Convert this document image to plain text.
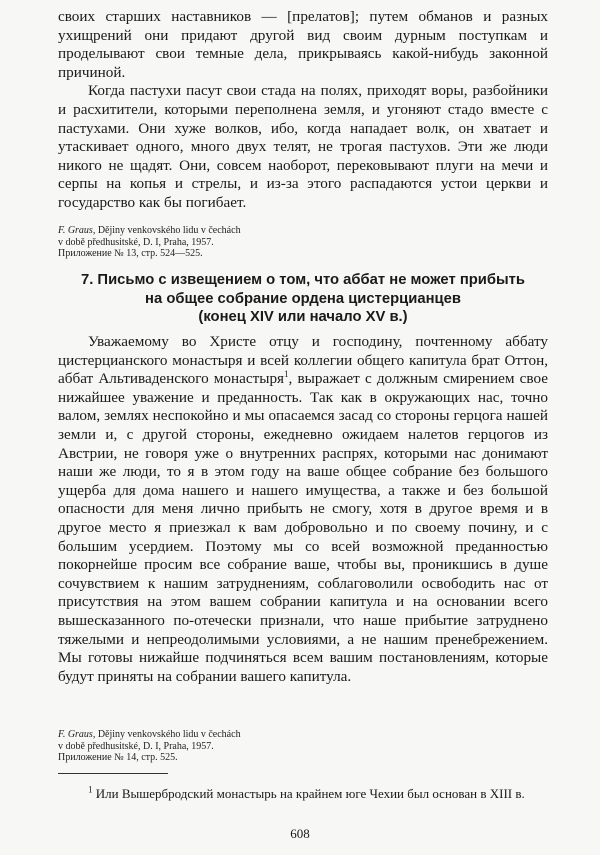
своих старших наставников — [прелатов]; путем обманов и разных ухищрений они придают другой вид своим дурным поступкам и проделывают свои темные дела, прикрываясь какой-нибудь законной причиной.

Когда пастухи пасут свои стада на полях, приходят воры, разбойники и расхитители, которыми переполнена земля, и угоняют стадо вместе с пастухами. Они хуже волков, ибо, когда нападает волк, он хватает и утаскивает одного, много двух телят, не трогая пастухов. Эти же люди никого не щадят. Они, совсем наоборот, перековывают плуги на мечи и серпы на копья и стрелы, и из-за этого распадаются устои церкви и государство как бы погибает.

F. Graus, Dějiny venkovského lidu v čechách
v době předhusitské, D. I, Praha, 1957.
Приложение № 13, стр. 524—525.
7. Письмо с извещением о том, что аббат не может прибыть
на общее собрание ордена цистерцианцев
(конец XIV или начало XV в.)

Уважаемому во Христе отцу и господину, почтенному аббату цистерцианского монастыря и всей коллегии общего капитула брат Оттон, аббат Альтиваденского монастыря$^1$, выражает с должным смирением свое нижайшее уважение и преданность. Так как в окружающих нас, точно валом, землях неспокойно и мы опасаемся засад со стороны герцога нашей земли и, с другой стороны, ежедневно ожидаем налетов герцогов из Австрии, не говоря уже о внутренних распрях, которыми нас донимают наши же люди, то я в этом году на ваше общее собрание без большого ущерба для дома нашего и нашего имущества, а также и без большой опасности для меня лично прибыть не смогу, хотя в другое время и в другое место я приезжал к вам добровольно и по своему почину, и с большим усердием. Поэтому мы со всей возможной преданностью покорнейше просим все собрание ваше, чтобы вы, проникшись в душе сочувствием к нашим затруднениям, соблаговолили освободить нас от присутствия на этом вашем собрании капитула и на основании всего вышесказанного по-отечески признали, что наше прибытие затруднено тяжелыми и непреодолимыми условиями, а не нашим пренебрежением. Мы готовы нижайше подчиняться всем вашим постановлениям, которые будут приняты на собрании вашего капитула.

F. Graus, Dějiny venkovského lidu v čechách
v době předhusitské, D. I, Praha, 1957.
Приложение № 14, стр. 525.

$^1$ Или Вышербродский монастырь на крайнем юге Чехии был основан в XIII в.

608
